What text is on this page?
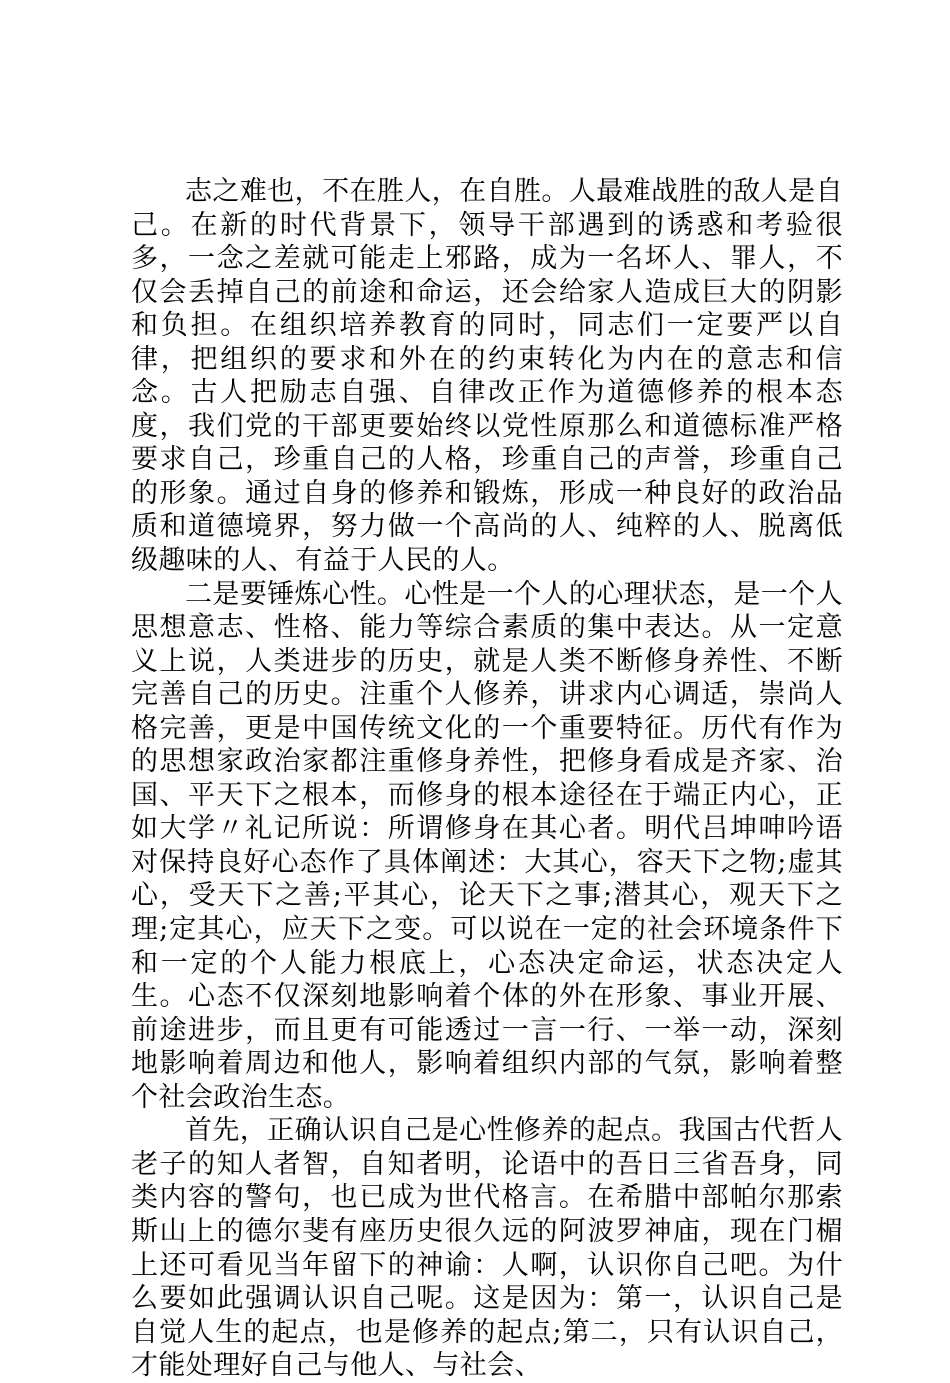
志之难也，不在胜人，在自胜。人最难战胜的敌人是自己。在新的时代背景下，领导干部遇到的诱惑和考验很多，一念之差就可能走上邪路，成为一名坏人、罪人，不仅会丢掉自己的前途和命运，还会给家人造成巨大的阴影和负担。在组织培养教育的同时，同志们一定要严以自律，把组织的要求和外在的约束转化为内在的意志和信念。古人把励志自强、自律改正作为道德修养的根本态度，我们党的干部更要始终以党性原那么和道德标准严格要求自己，珍重自己的人格，珍重自己的声誉，珍重自己的形象。通过自身的修养和锻炼，形成一种良好的政治品质和道德境界，努力做一个高尚的人、纯粹的人、脱离低级趣味的人、有益于人民的人。

二是要锤炼心性。心性是一个人的心理状态，是一个人思想意志、性格、能力等综合素质的集中表达。从一定意义上说，人类进步的历史，就是人类不断修身养性、不断完善自己的历史。注重个人修养，讲求内心调适，崇尚人格完善，更是中国传统文化的一个重要特征。历代有作为的思想家政治家都注重修身养性，把修身看成是齐家、治国、平天下之根本，而修身的根本途径在于端正内心，正如大学〃礼记所说：所谓修身在其心者。明代吕坤呻吟语对保持良好心态作了具体阐述：大其心，容天下之物;虚其心，受天下之善;平其心，论天下之事;潜其心，观天下之理;定其心，应天下之变。可以说在一定的社会环境条件下和一定的个人能力根底上，心态决定命运，状态决定人生。心态不仅深刻地影响着个体的外在形象、事业开展、前途进步，而且更有可能透过一言一行、一举一动，深刻地影响着周边和他人，影响着组织内部的气氛，影响着整个社会政治生态。

首先，正确认识自己是心性修养的起点。我国古代哲人老子的知人者智，自知者明，论语中的吾日三省吾身，同类内容的警句，也已成为世代格言。在希腊中部帕尔那索斯山上的德尔斐有座历史很久远的阿波罗神庙，现在门楣上还可看见当年留下的神谕：人啊，认识你自己吧。为什么要如此强调认识自己呢。这是因为：第一，认识自己是自觉人生的起点，也是修养的起点;第二，只有认识自己，才能处理好自己与他人、与社会、
